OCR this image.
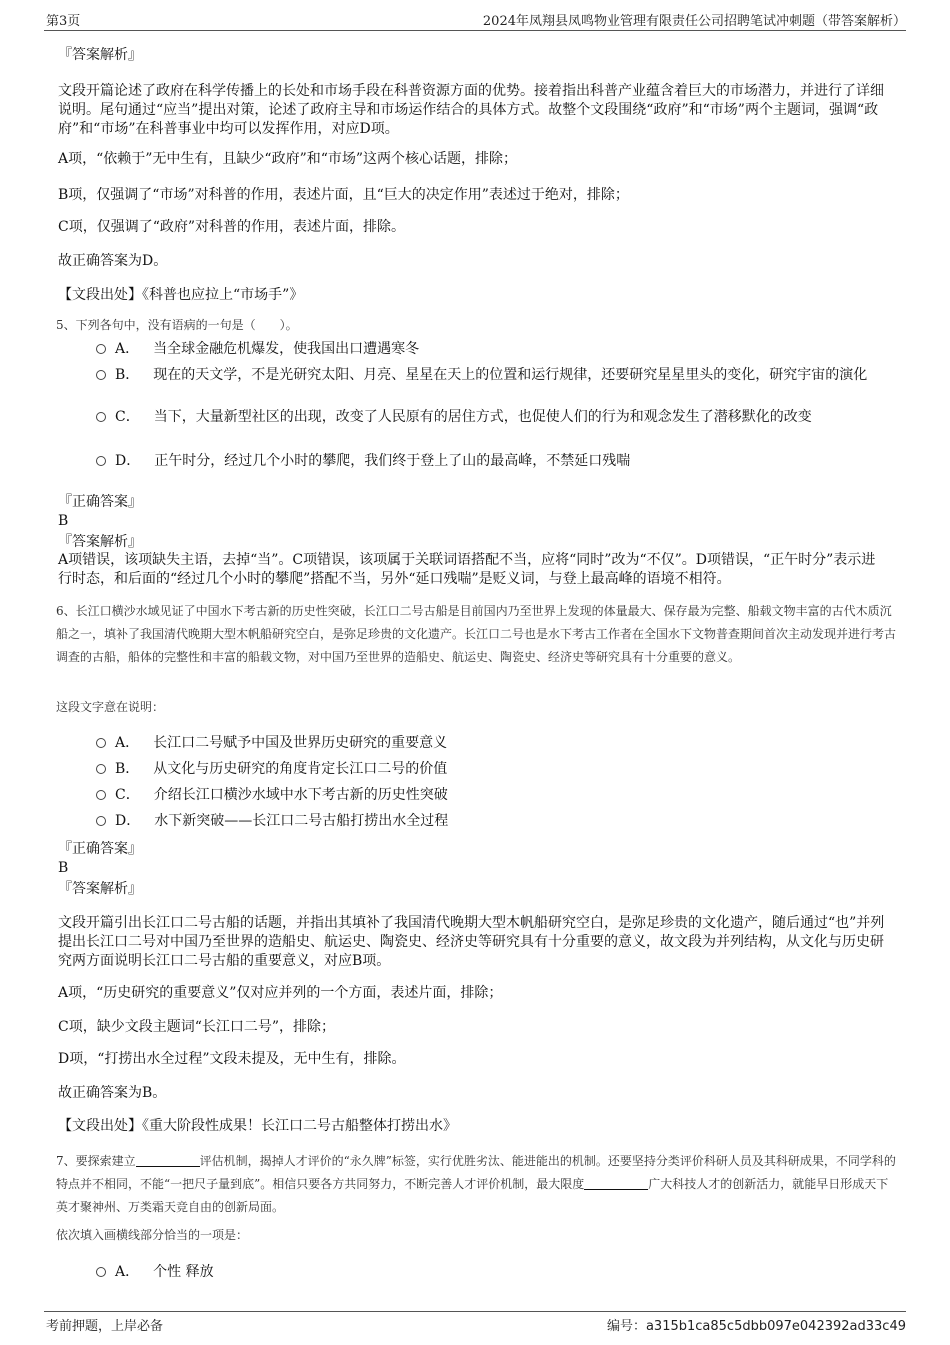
第3页	2024年凤翔县凤鸣物业管理有限责任公司招聘笔试冲刺题（带答案解析）
『答案解析』
文段开篇论述了政府在科学传播上的长处和市场手段在科普资源方面的优势。接着指出科普产业蕴含着巨大的市场潜力，并进行了详细说明。尾句通过“应当”提出对策，论述了政府主导和市场运作结合的具体方式。故整个文段围绕“政府”和“市场”两个主题词，强调“政府”和“市场”在科普事业中均可以发挥作用，对应D项。
A项，“依赖于”无中生有，且缺少“政府”和“市场”这两个核心话题，排除；
B项，仅强调了“市场”对科普的作用，表述片面，且“巨大的决定作用”表述过于绝对，排除；
C项，仅强调了“政府”对科普的作用，表述片面，排除。
故正确答案为D。
【文段出处】《科普也应拉上“市场手”》
5、下列各句中，没有语病的一句是（　　）。
A． 当全球金融危机爆发，使我国出口遭遇寒冬
B． 现在的天文学，不是光研究太阳、月亮、星星在天上的位置和运行规律，还要研究星星里头的变化，研究宇宙的演化
C． 当下，大量新型社区的出现，改变了人民原有的居住方式，也促使人们的行为和观念发生了潜移默化的改变
D． 正午时分，经过几个小时的攀爬，我们终于登上了山的最高峰，不禁延口残喘
『正确答案』
B
『答案解析』
A项错误，该项缺失主语，去掉“当”。C项错误，该项属于关联词语搭配不当，应将“同时”改为“不仅”。D项错误，“正午时分”表示进行时态，和后面的“经过几个小时的攀爬”搭配不当，另外“延口残喘”是贬义词，与登上最高峰的语境不相符。
6、长江口横沙水域见证了中国水下考古新的历史性突破，长江口二号古船是目前国内乃至世界上发现的体量最大、保存最为完整、船载文物丰富的古代木质沉船之一，填补了我国清代晚期大型木帆船研究空白，是弥足珍贵的文化遗产。长江口二号也是水下考古工作者在全国水下文物普查期间首次主动发现并进行考古调查的古船，船体的完整性和丰富的船载文物，对中国乃至世界的造船史、航运史、陶瓷史、经济史等研究具有十分重要的意义。
这段文字意在说明：
A． 长江口二号赋予中国及世界历史研究的重要意义
B． 从文化与历史研究的角度肯定长江口二号的价值
C． 介绍长江口横沙水域中水下考古新的历史性突破
D． 水下新突破——长江口二号古船打捞出水全过程
『正确答案』
B
『答案解析』
文段开篇引出长江口二号古船的话题，并指出其填补了我国清代晚期大型木帆船研究空白，是弥足珍贵的文化遗产，随后通过“也”并列提出长江口二号对中国乃至世界的造船史、航运史、陶瓷史、经济史等研究具有十分重要的意义，故文段为并列结构，从文化与历史研究两方面说明长江口二号古船的重要意义，对应B项。
A项，“历史研究的重要意义”仅对应并列的一个方面，表述片面，排除；
C项，缺少文段主题词“长江口二号”，排除；
D项，“打捞出水全过程”文段未提及，无中生有，排除。
故正确答案为B。
【文段出处】《重大阶段性成果！长江口二号古船整体打捞出水》
7、要探索建立	评估机制，揭掉人才评价的“永久牌”标签，实行优胜劣汰、能进能出的机制。还要坚持分类评价科研人员及其科研成果，不同学科的特点并不相同，不能“一把尺子量到底”。相信只要各方共同努力，不断完善人才评价机制，最大限度	广大科技人才的创新活力，就能早日形成天下英才聚神州、万类霜天竞自由的创新局面。
依次填入画横线部分恰当的一项是：
A． 个性 释放
考前押题，上岸必备	编号：a315b1ca85c5dbb097e042392ad33c49
